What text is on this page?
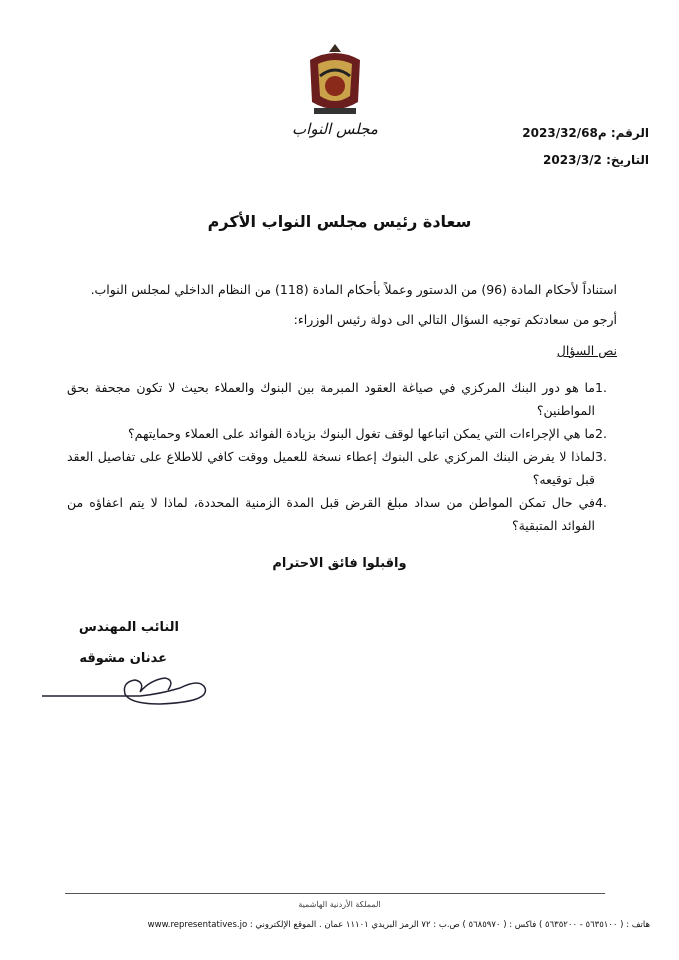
مجلس النواب	الرقم: م2023/32/68
التاريخ: 2023/3/2
سعادة رئيس مجلس النواب الأكرم
استناداً لأحكام المادة (96) من الدستور وعملاً بأحكام المادة (118) من النظام الداخلي لمجلس النواب.
أرجو من سعادتكم توجيه السؤال التالي الى دولة رئيس الوزراء:
نص السؤال
1.
ما هو دور البنك المركزي في صياغة العقود المبرمة بين البنوك والعملاء بحيث لا تكون مجحفة بحق المواطنين؟
2.
ما هي الإجراءات التي يمكن اتباعها لوقف تغول البنوك بزيادة الفوائد على العملاء وحمايتهم؟
3.
لماذا لا يفرض البنك المركزي على البنوك إعطاء نسخة للعميل ووقت كافي للاطلاع على تفاصيل العقد قبل توقيعه؟
4.
في حال تمكن المواطن من سداد مبلغ القرض قبل المدة الزمنية المحددة، لماذا لا يتم اعفاؤه من الفوائد المتبقية؟
واقبلوا فائق الاحترام
النائب المهندس
عدنان مشوقه
المملكة الأردنية الهاشمية
هاتف : ( ٥٦٣٥١٠٠ - ٥٦٣٥٢٠٠ ) فاكس : ( ٥٦٨٥٩٧٠ ) ص.ب : ٧٢ الرمز البريدي ١١١٠١ عمان . الموقع الإلكتروني : www.representatives.jo
